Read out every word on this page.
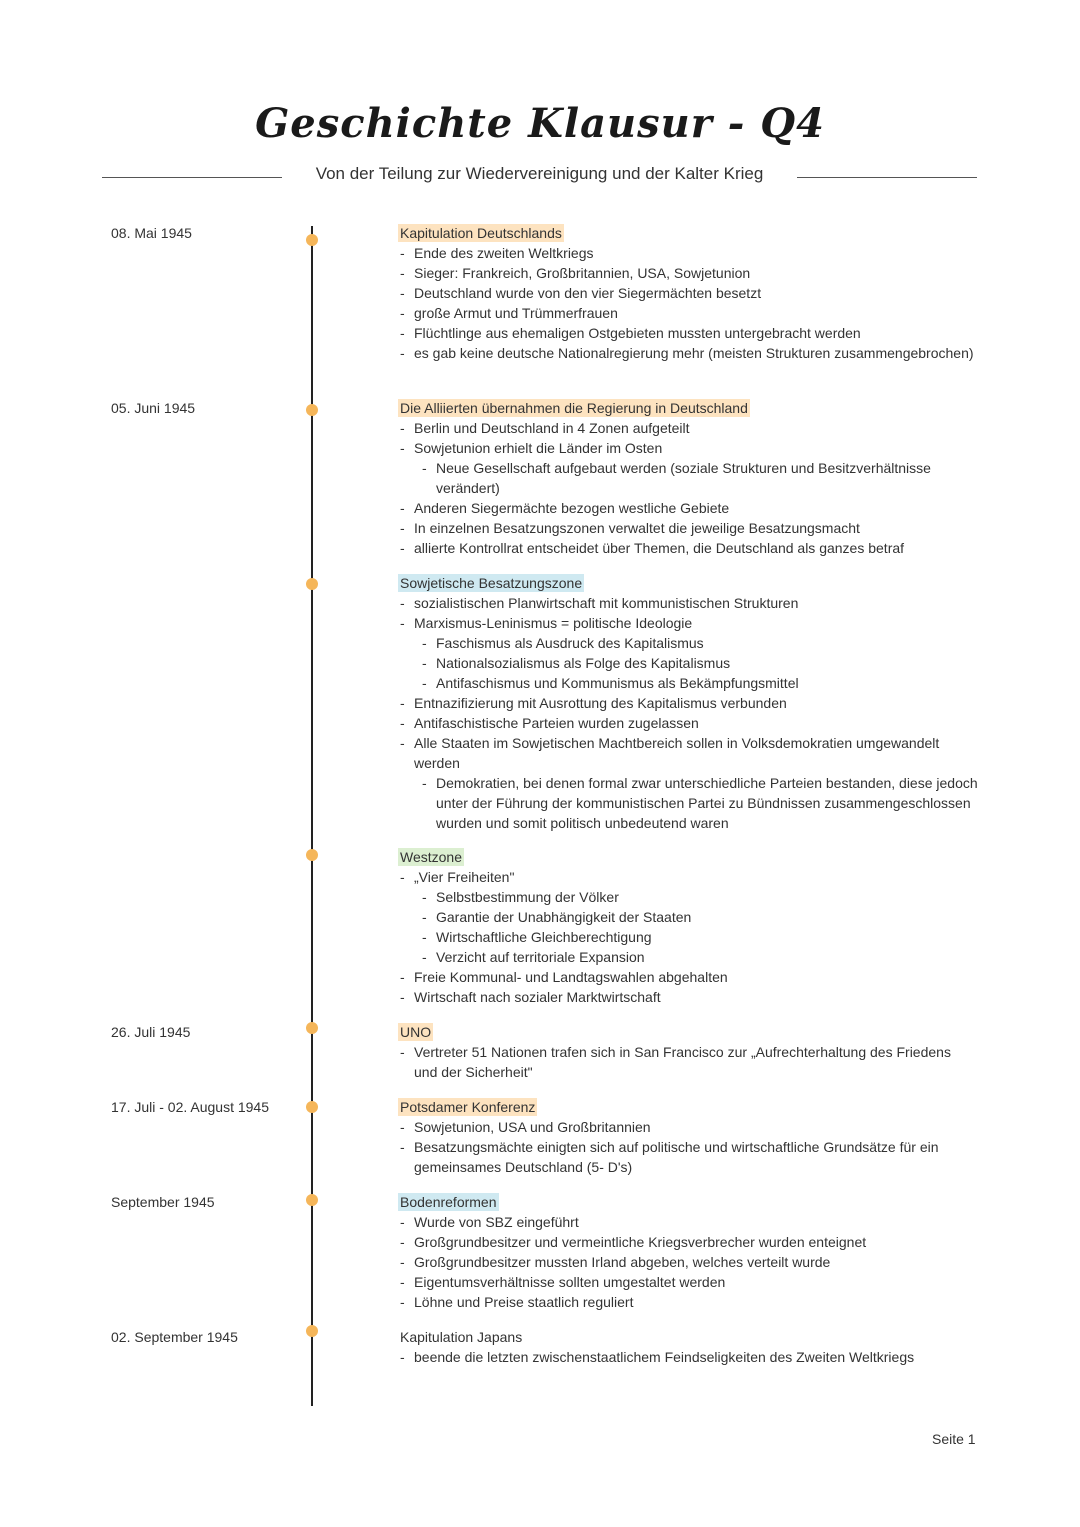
Geschichte Klausur - Q4
Von der Teilung zur Wiedervereinigung und der Kalter Krieg
08. Mai 1945
05. Juni 1945
26. Juli 1945
17. Juli - 02. August 1945
September 1945
02. September 1945
Kapitulation Deutschlands
- Ende des zweiten Weltkriegs
- Sieger: Frankreich, Großbritannien, USA, Sowjetunion
- Deutschland wurde von den vier Siegermächten besetzt
- große Armut und Trümmerfrauen
- Flüchtlinge aus ehemaligen Ostgebieten mussten untergebracht werden
- es gab keine deutsche Nationalregierung mehr (meisten Strukturen zusammengebrochen)
Die Alliierten übernahmen die Regierung in Deutschland
- Berlin und Deutschland in 4 Zonen aufgeteilt
- Sowjetunion erhielt die Länder im Osten
- Neue Gesellschaft aufgebaut werden (soziale Strukturen und Besitzverhältnisse verändert)
- Anderen Siegermächte bezogen westliche Gebiete
- In einzelnen Besatzungszonen verwaltet die jeweilige Besatzungsmacht
- allierte Kontrollrat entscheidet über Themen, die Deutschland als ganzes betraf
Sowjetische Besatzungszone
- sozialistischen Planwirtschaft mit kommunistischen Strukturen
- Marxismus-Leninismus = politische Ideologie
- Faschismus als Ausdruck des Kapitalismus
- Nationalsozialismus als Folge des Kapitalismus
- Antifaschismus und Kommunismus als Bekämpfungsmittel
- Entnazifizierung mit Ausrottung des Kapitalismus verbunden
- Antifaschistische Parteien wurden zugelassen
- Alle Staaten im Sowjetischen Machtbereich sollen in Volksdemokratien umgewandelt werden
- Demokratien, bei denen formal zwar unterschiedliche Parteien bestanden, diese jedoch unter der Führung der kommunistischen Partei zu Bündnissen zusammengeschlossen wurden und somit politisch unbedeutend waren
Westzone
- „Vier Freiheiten"
- Selbstbestimmung der Völker
- Garantie der Unabhängigkeit der Staaten
- Wirtschaftliche Gleichberechtigung
- Verzicht auf territoriale Expansion
- Freie Kommunal- und Landtagswahlen abgehalten
- Wirtschaft nach sozialer Marktwirtschaft
UNO
- Vertreter 51 Nationen trafen sich in San Francisco zur „Aufrechterhaltung des Friedens und der Sicherheit"
Potsdamer Konferenz
- Sowjetunion, USA und Großbritannien
- Besatzungsmächte einigten sich auf politische und wirtschaftliche Grundsätze für ein gemeinsames Deutschland (5- D's)
Bodenreformen
- Wurde von SBZ eingeführt
- Großgrundbesitzer und vermeintliche Kriegsverbrecher wurden enteignet
- Großgrundbesitzer mussten Irland abgeben, welches verteilt wurde
- Eigentumsverhältnisse sollten umgestaltet werden
- Löhne und Preise staatlich reguliert
Kapitulation Japans
- beende die letzten zwischenstaatlichem Feindseligkeiten des Zweiten Weltkriegs
Seite 1
